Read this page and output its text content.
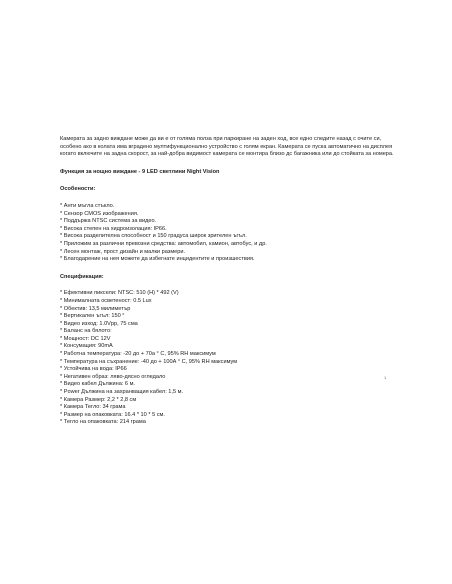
Камерата за задно виждане може да ви е от голяма полза при паркиране на заден ход, все едно следите назад с очите си, особено ако в колата има вградено мултифункционално устройство с голям екран. Камерата се пуска автоматично на дисплея когато включите на задна скорост, за най-добра видимост камерата се монтира близо дс багажника или до стойката за номера.

Функция за нощно виждане - 9 LED светлини Night Vision

Особености:

* Анти мъгла стъкло.
* Сензор CMOS изображения.
* Поддържа NTSC система за видео.
* Висока степен на хидроизолация: IP66.
* Висока разделителна способност и 150 градуса широк зрителен ъгъл.
* Приложим за различни превозни средства: автомобил, камион, автобус, и др.
* Лесен монтаж, прост дизайн и малки размери.
* Благодарение на нея можете да избегнате инцидентите и произшествия.

Спецификация:

* Ефективни пиксели: NTSC: 510 (H) * 492 (V)
* Минималната осветеност: 0.5 Lux
* Обектив: 13,5 милиметър
* Вертикален ъгъл: 150 °
* Видео изход: 1.0Vpp, 75 сма
* Баланс на бялото:
* Мощност: DC 12V
* Консумация: 90mA
* Работна температура: -20 до + 70а ° C, 95% RH максимум
* Температура на съхранение: -40 до + 100А ° C, 95% RH максимум
* Устойчива на вода: IP66
* Негативен образ: ляво-дясно огледало
* Видео кабел Дължина: 6 м.
* Power Дължина на захранващия кабел: 1,5 м.
* Камера Размер: 2,2 * 2,8 см
* Камера Тегло: 34 грама
* Размер на опаковката: 16.4 * 10 * 5 см.
* Тегло на опаковката: 214 грама
1
